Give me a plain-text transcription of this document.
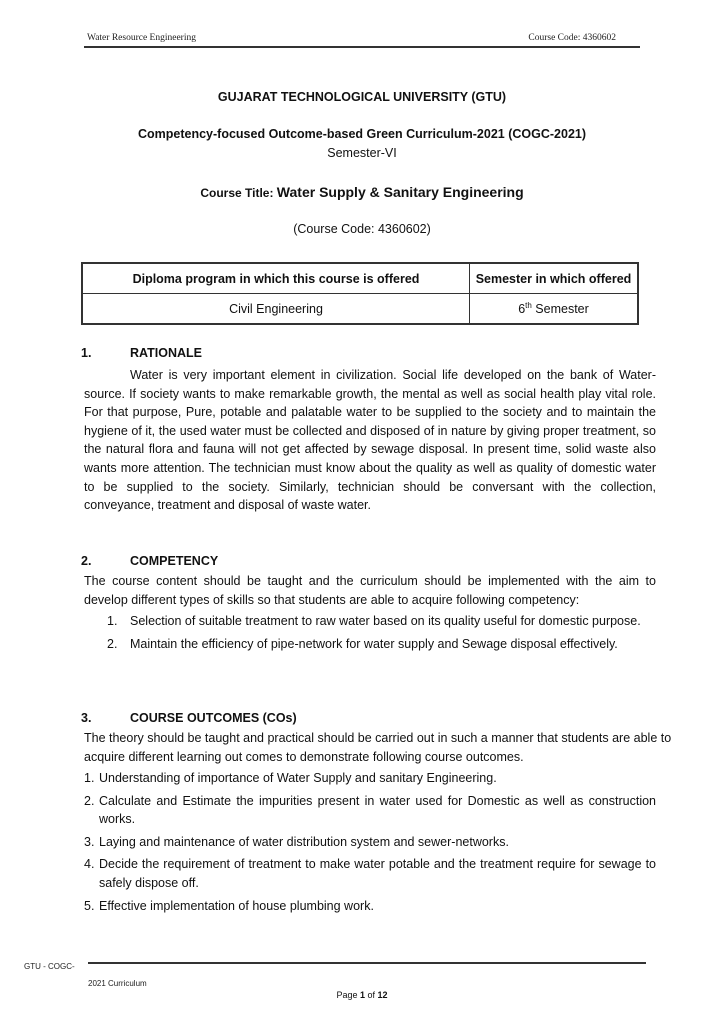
Water Resource Engineering	Course Code: 4360602
GUJARAT TECHNOLOGICAL UNIVERSITY (GTU)
Competency-focused Outcome-based Green Curriculum-2021 (COGC-2021)
Semester-VI
Course Title: Water Supply & Sanitary Engineering
(Course Code: 4360602)
Diploma program in which this course is offered	Semester in which offered
Civil Engineering	6th Semester
1.	RATIONALE
Water is very important element in civilization. Social life developed on the bank of Water-source. If society wants to make remarkable growth, the mental as well as social health play vital role. For that purpose, Pure, potable and palatable water to be supplied to the society and to maintain the hygiene of it, the used water must be collected and disposed of in nature by giving proper treatment, so the natural flora and fauna will not get affected by sewage disposal. In present time, solid waste also wants more attention. The technician must know about the quality as well as quality of domestic water to be supplied to the society. Similarly, technician should be conversant with the collection, conveyance, treatment and disposal of waste water.
2.	COMPETENCY
The course content should be taught and the curriculum should be implemented with the aim to develop different types of skills so that students are able to acquire following competency:
1. Selection of suitable treatment to raw water based on its quality useful for domestic purpose.
2. Maintain the efficiency of pipe-network for water supply and Sewage disposal effectively.
3.	COURSE OUTCOMES (COs)
The theory should be taught and practical should be carried out in such a manner that students are able to acquire different learning out comes to demonstrate following course outcomes.
1. Understanding of importance of Water Supply and sanitary Engineering.
2. Calculate and Estimate the impurities present in water used for Domestic as well as construction works.
3. Laying and maintenance of water distribution system and sewer-networks.
4. Decide the requirement of treatment to make water potable and the treatment require for sewage to safely dispose off.
5. Effective implementation of house plumbing work.
GTU - COGC-
2021 Curriculum
Page 1 of 12
